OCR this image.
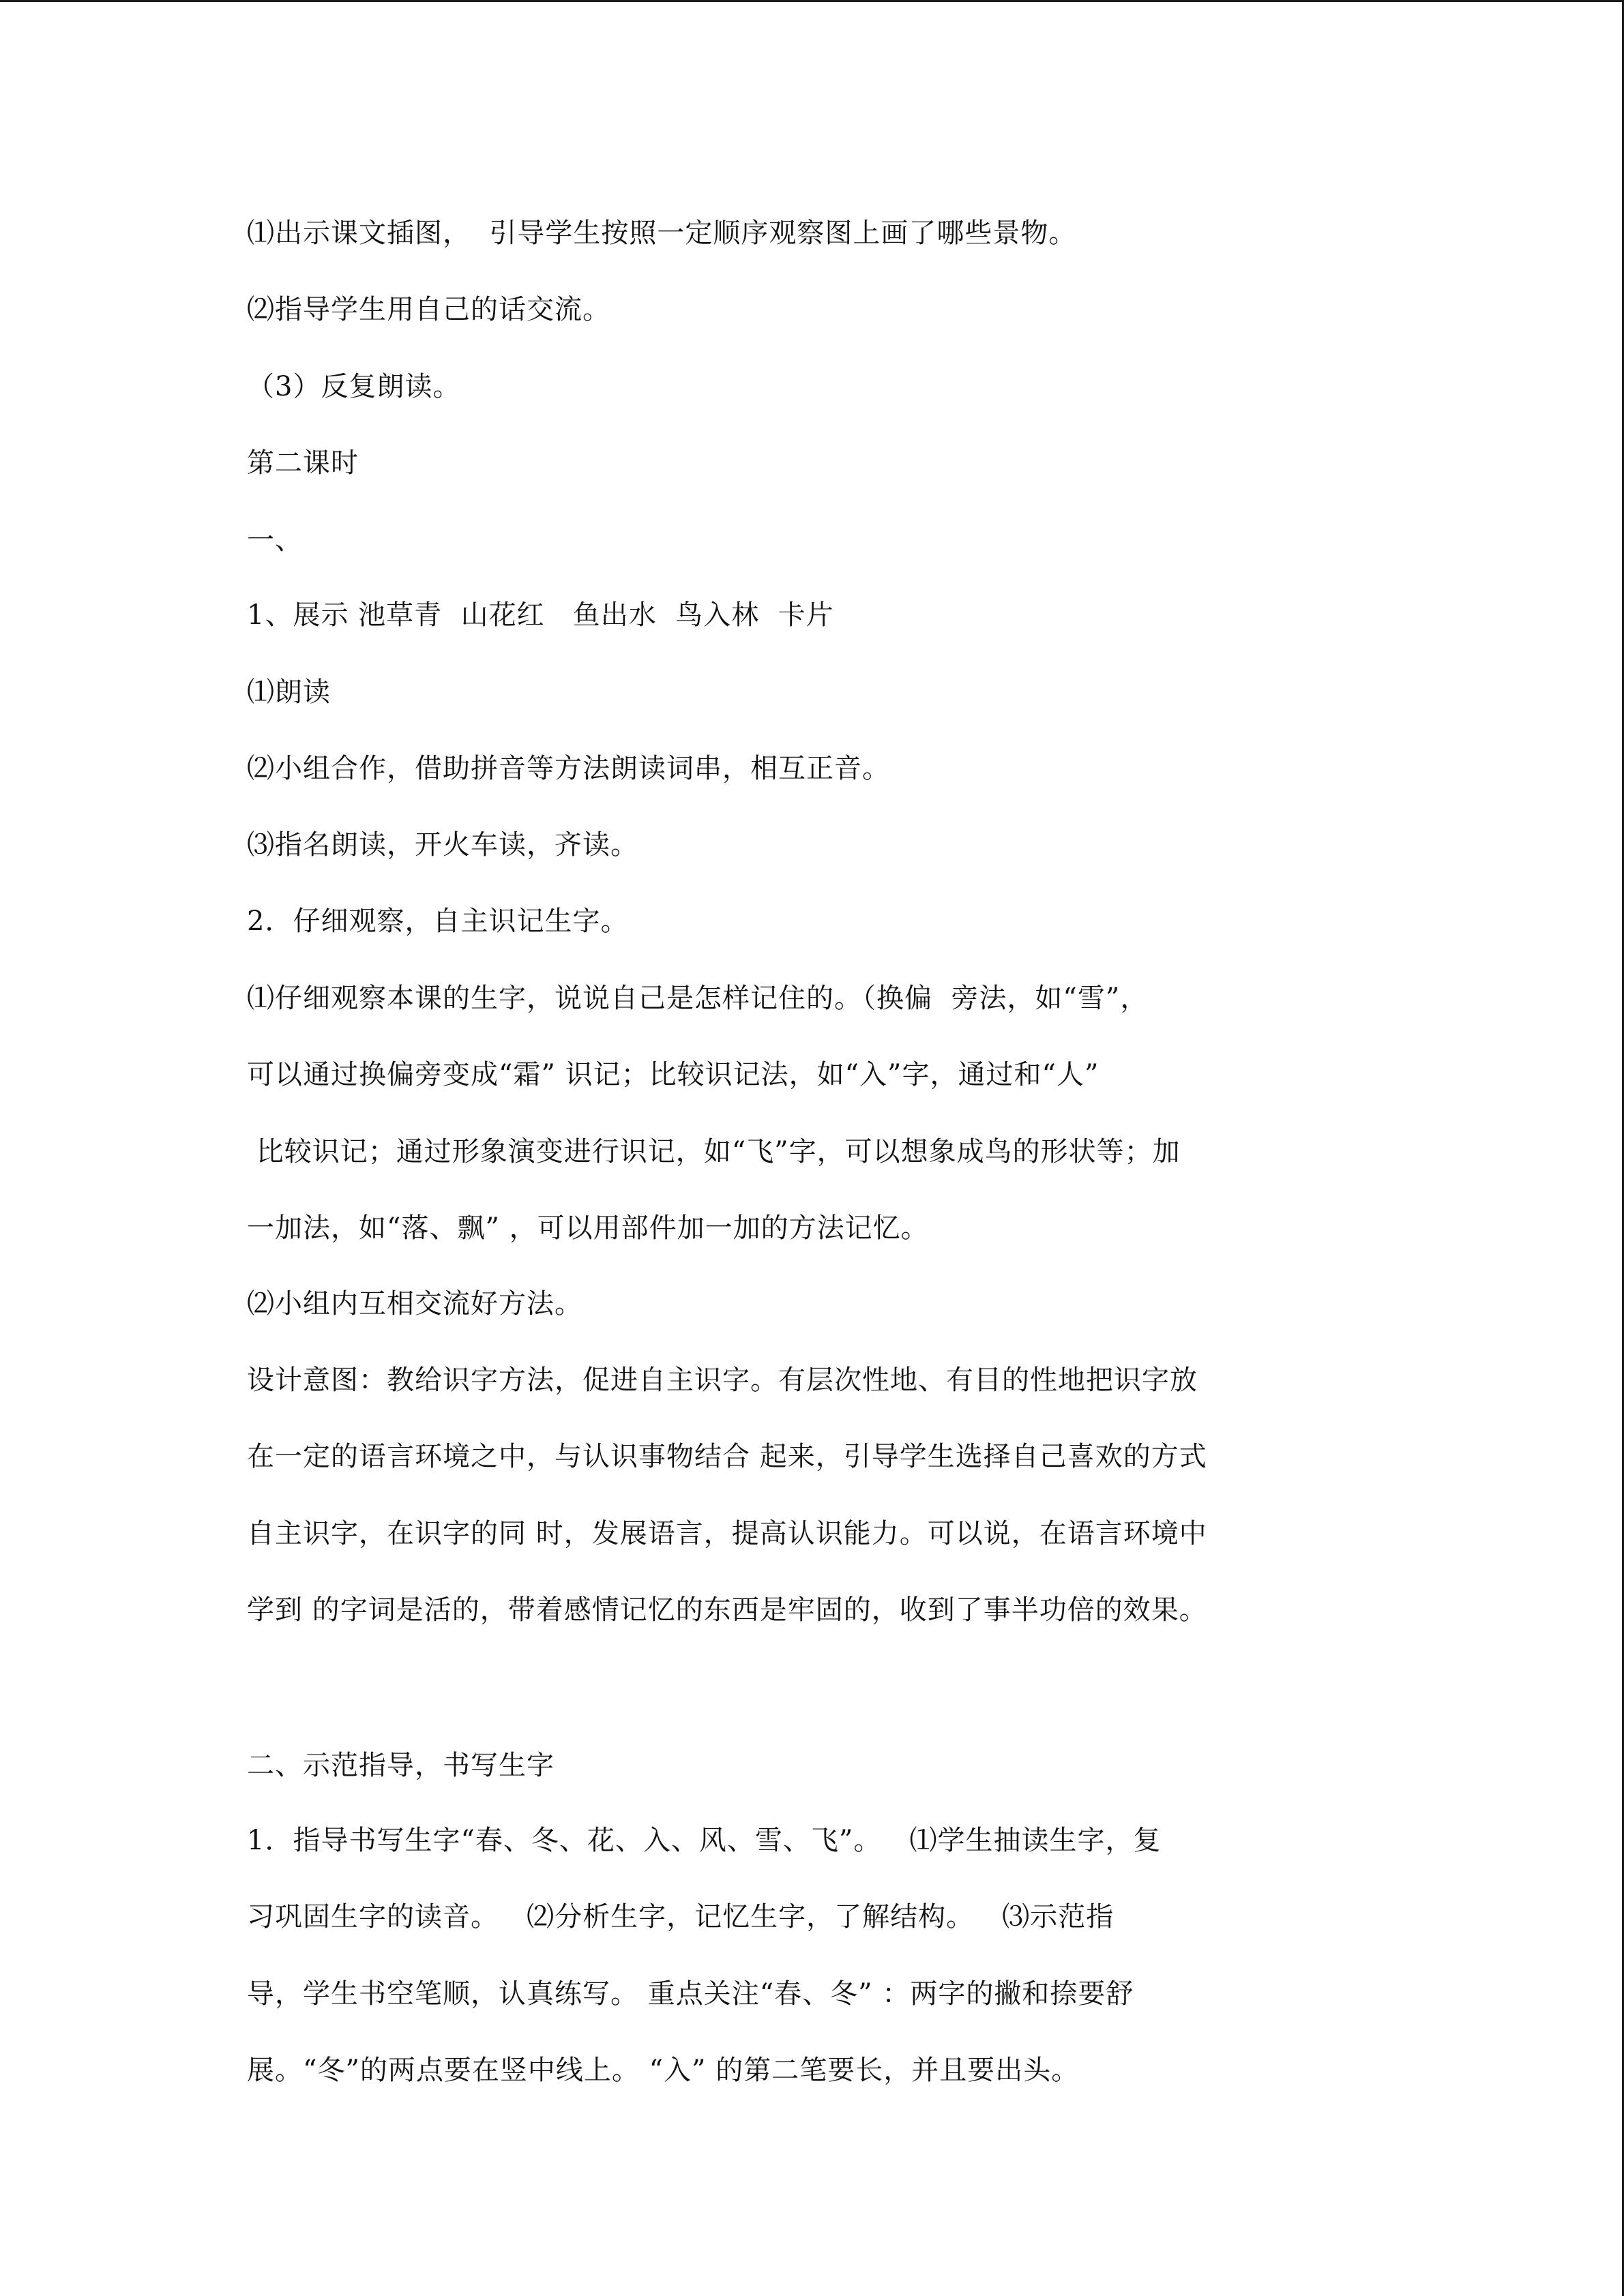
⑴出示课文插图，  引导学生按照一定顺序观察图上画了哪些景物。
⑵指导学生用自己的话交流。
（3）反复朗读。
第二课时
一、
1、展示 池草青  山花红   鱼出水  鸟入林  卡片
⑴朗读
⑵小组合作，借助拼音等方法朗读词串，相互正音。
⑶指名朗读，开火车读，齐读。
2．仔细观察，自主识记生字。
⑴仔细观察本课的生字，说说自己是怎样记住的。（换偏  旁法，如“雪”，
可以通过换偏旁变成“霜” 识记；比较识记法，如“入”字，通过和“人”
比较识记；通过形象演变进行识记，如“飞”字，可以想象成鸟的形状等；加
一加法，如“落、飘” ，可以用部件加一加的方法记忆。
⑵小组内互相交流好方法。
设计意图：教给识字方法，促进自主识字。有层次性地、有目的性地把识字放
在一定的语言环境之中，与认识事物结合 起来，引导学生选择自己喜欢的方式
自主识字，在识字的同 时，发展语言，提高认识能力。可以说，在语言环境中
学到 的字词是活的，带着感情记忆的东西是牢固的，收到了事半功倍的效果。
二、示范指导，书写生字
1．指导书写生字“春、冬、花、入、风、雪、飞”。   ⑴学生抽读生字，复
习巩固生字的读音。   ⑵分析生字，记忆生字，了解结构。   ⑶示范指
导，学生书空笔顺，认真练写。 重点关注“春、冬” ：两字的撇和捺要舒
展。“冬”的两点要在竖中线上。 “入” 的第二笔要长，并且要出头。
